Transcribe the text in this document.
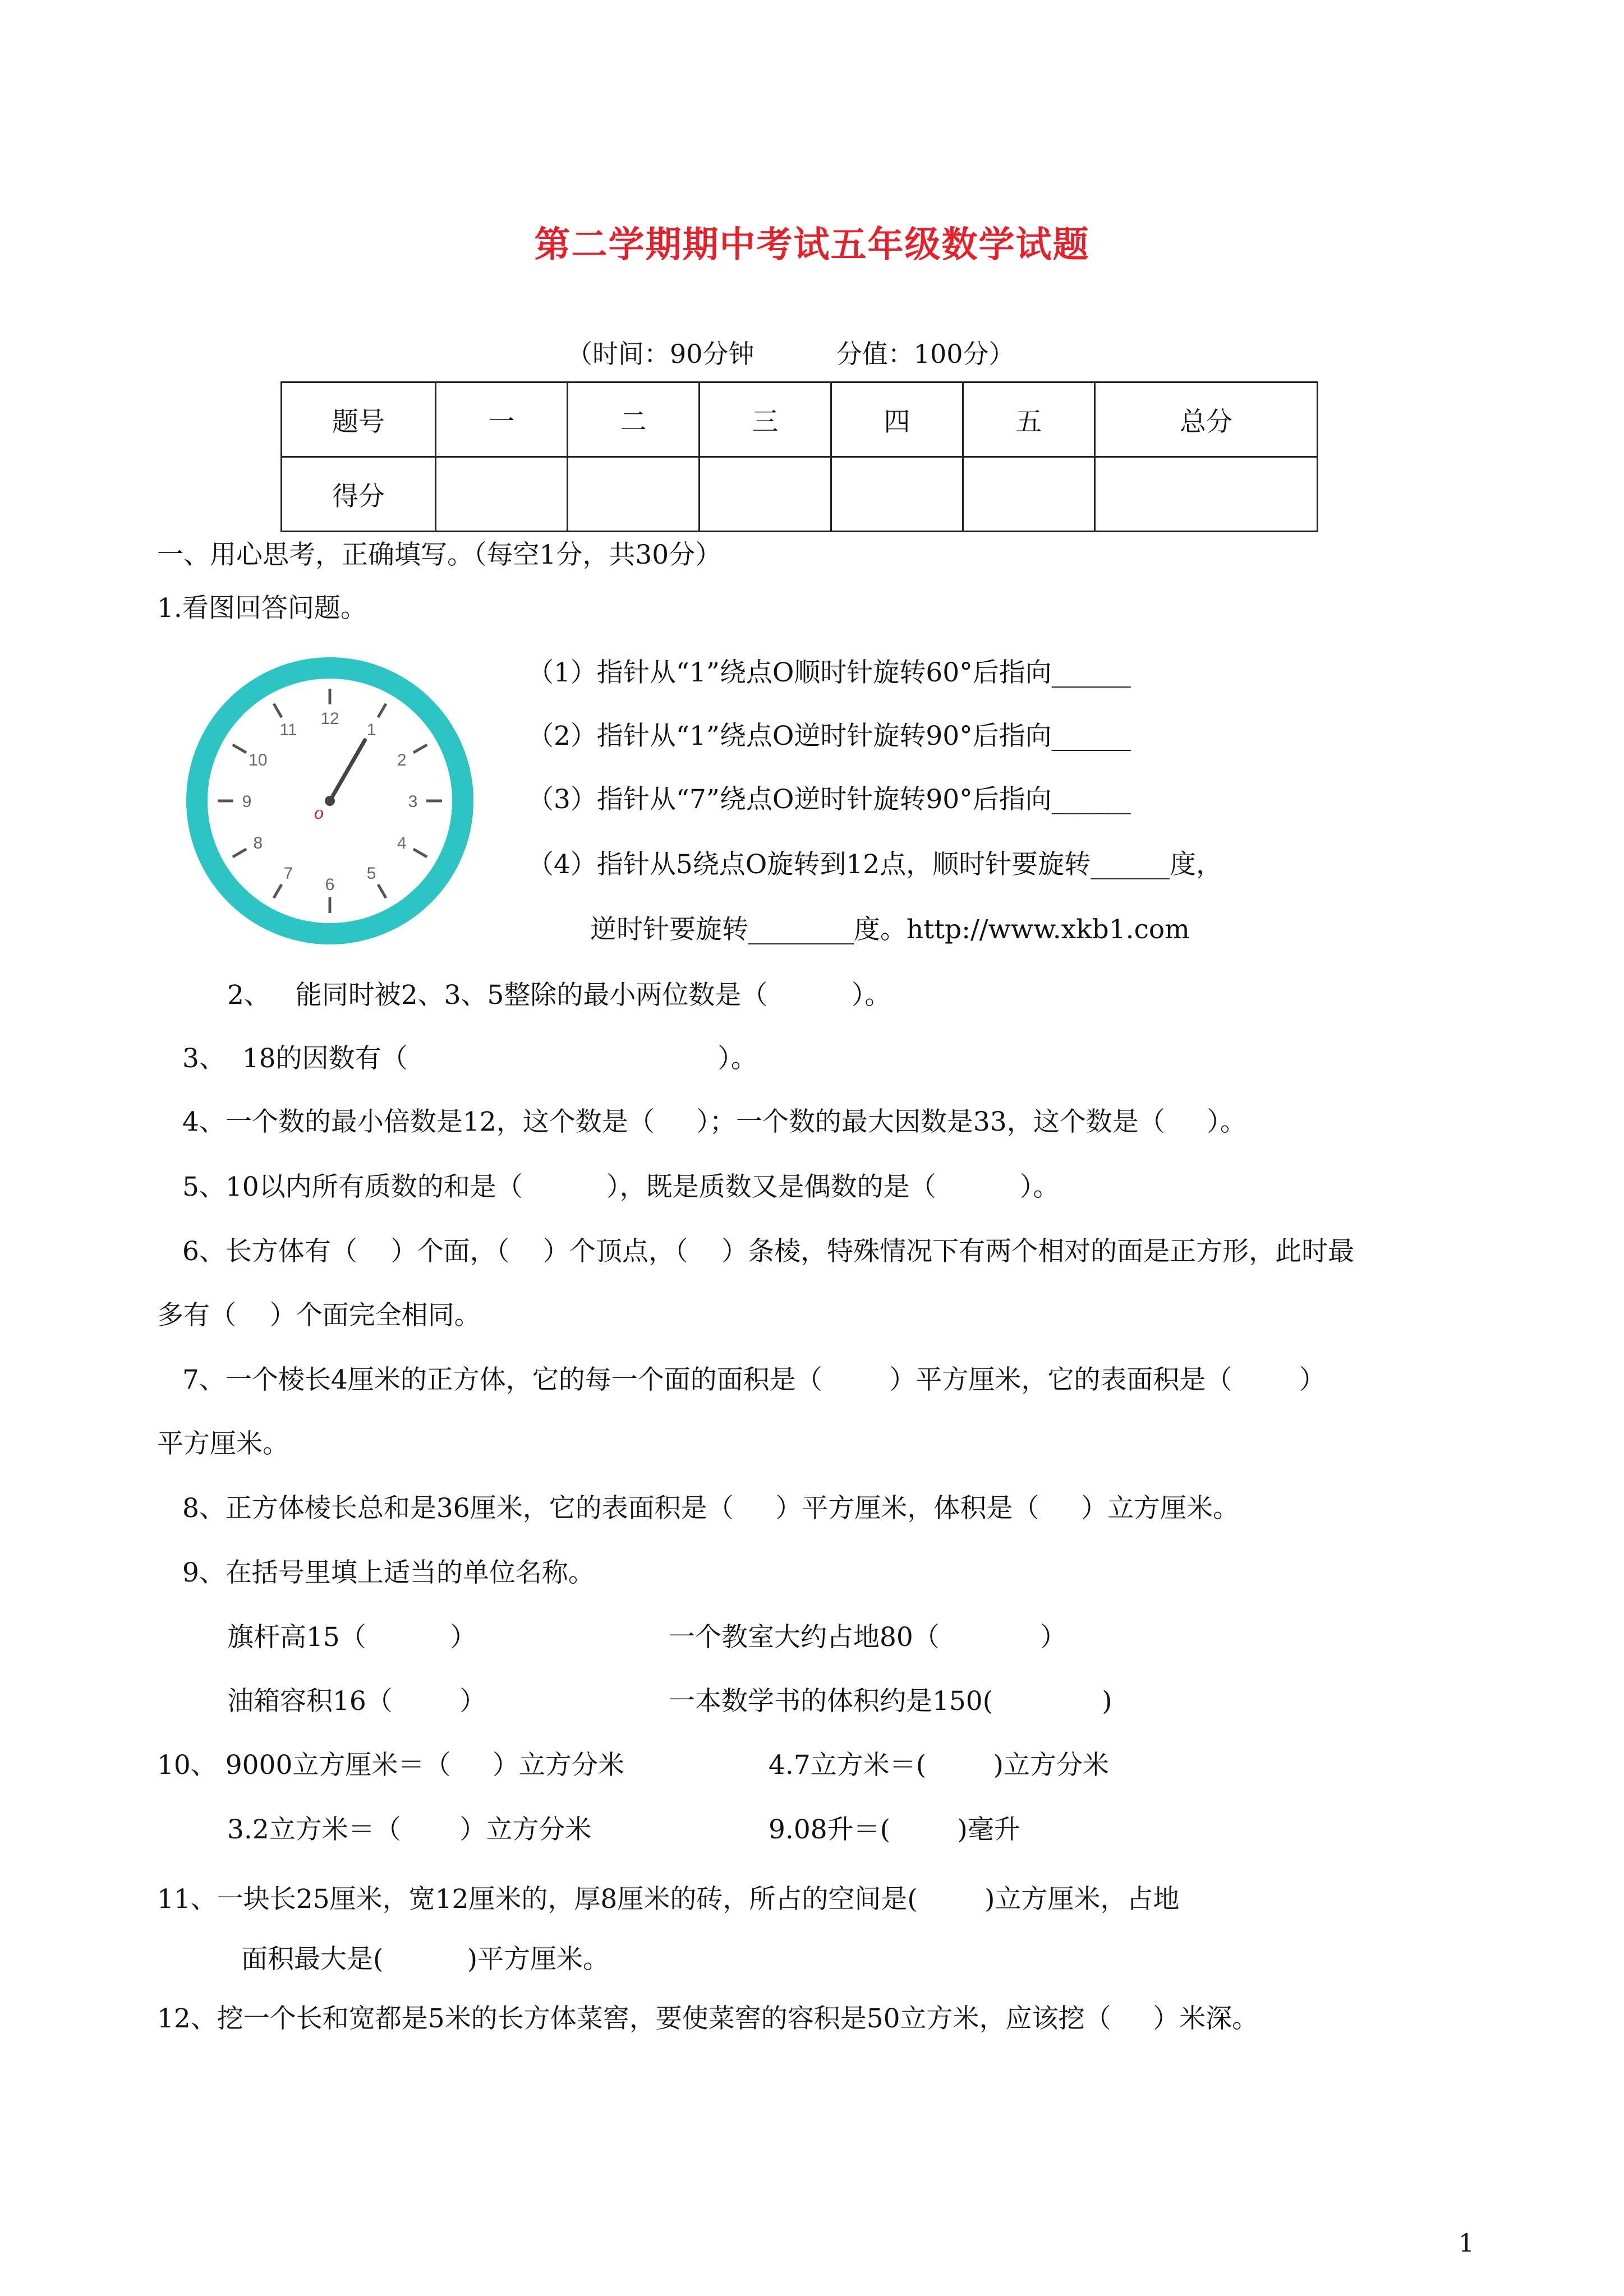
第二学期期中考试五年级数学试题
（时间：90分钟          分值：100分）
题号	一	二	三	四	五	总分
得分						
一、用心思考，正确填写。（每空1分，共30分）
1.看图回答问题。
12
1
2
3
4
5
6
7
8
9
10
11
o
（1）指针从“1”绕点O顺时针旋转60°后指向______
（2）指针从“1”绕点O逆时针旋转90°后指向______
（3）指针从“7”绕点O逆时针旋转90°后指向______
（4）指针从5绕点O旋转到12点，顺时针要旋转______度，
逆时针要旋转________度。http://www.xkb1.com
2、   能同时被2、3、5整除的最小两位数是（          ）。
3、  18的因数有（                                     ）。
4、一个数的最小倍数是12，这个数是（     ）；一个数的最大因数是33，这个数是（     ）。
5、10以内所有质数的和是（          ），既是质数又是偶数的是（          ）。
6、长方体有（    ）个面，（    ）个顶点，（    ）条棱，特殊情况下有两个相对的面是正方形，此时最
多有（    ）个面完全相同。
7、一个棱长4厘米的正方体，它的每一个面的面积是（        ）平方厘米，它的表面积是（        ）
平方厘米。
8、正方体棱长总和是36厘米，它的表面积是（     ）平方厘米，体积是（     ）立方厘米。
9、在括号里填上适当的单位名称。
旗杆高15（          ）	一个教室大约占地80（            ）
油箱容积16（        ）	一本数学书的体积约是150(             )
10、 9000立方厘米＝（     ）立方分米	4.7立方米＝(        )立方分米
3.2立方米＝（       ）立方分米	9.08升＝(        )毫升
11、一块长25厘米，宽12厘米的，厚8厘米的砖，所占的空间是(        )立方厘米，占地
面积最大是(          )平方厘米。
12、挖一个长和宽都是5米的长方体菜窖，要使菜窖的容积是50立方米，应该挖（     ）米深。
1
